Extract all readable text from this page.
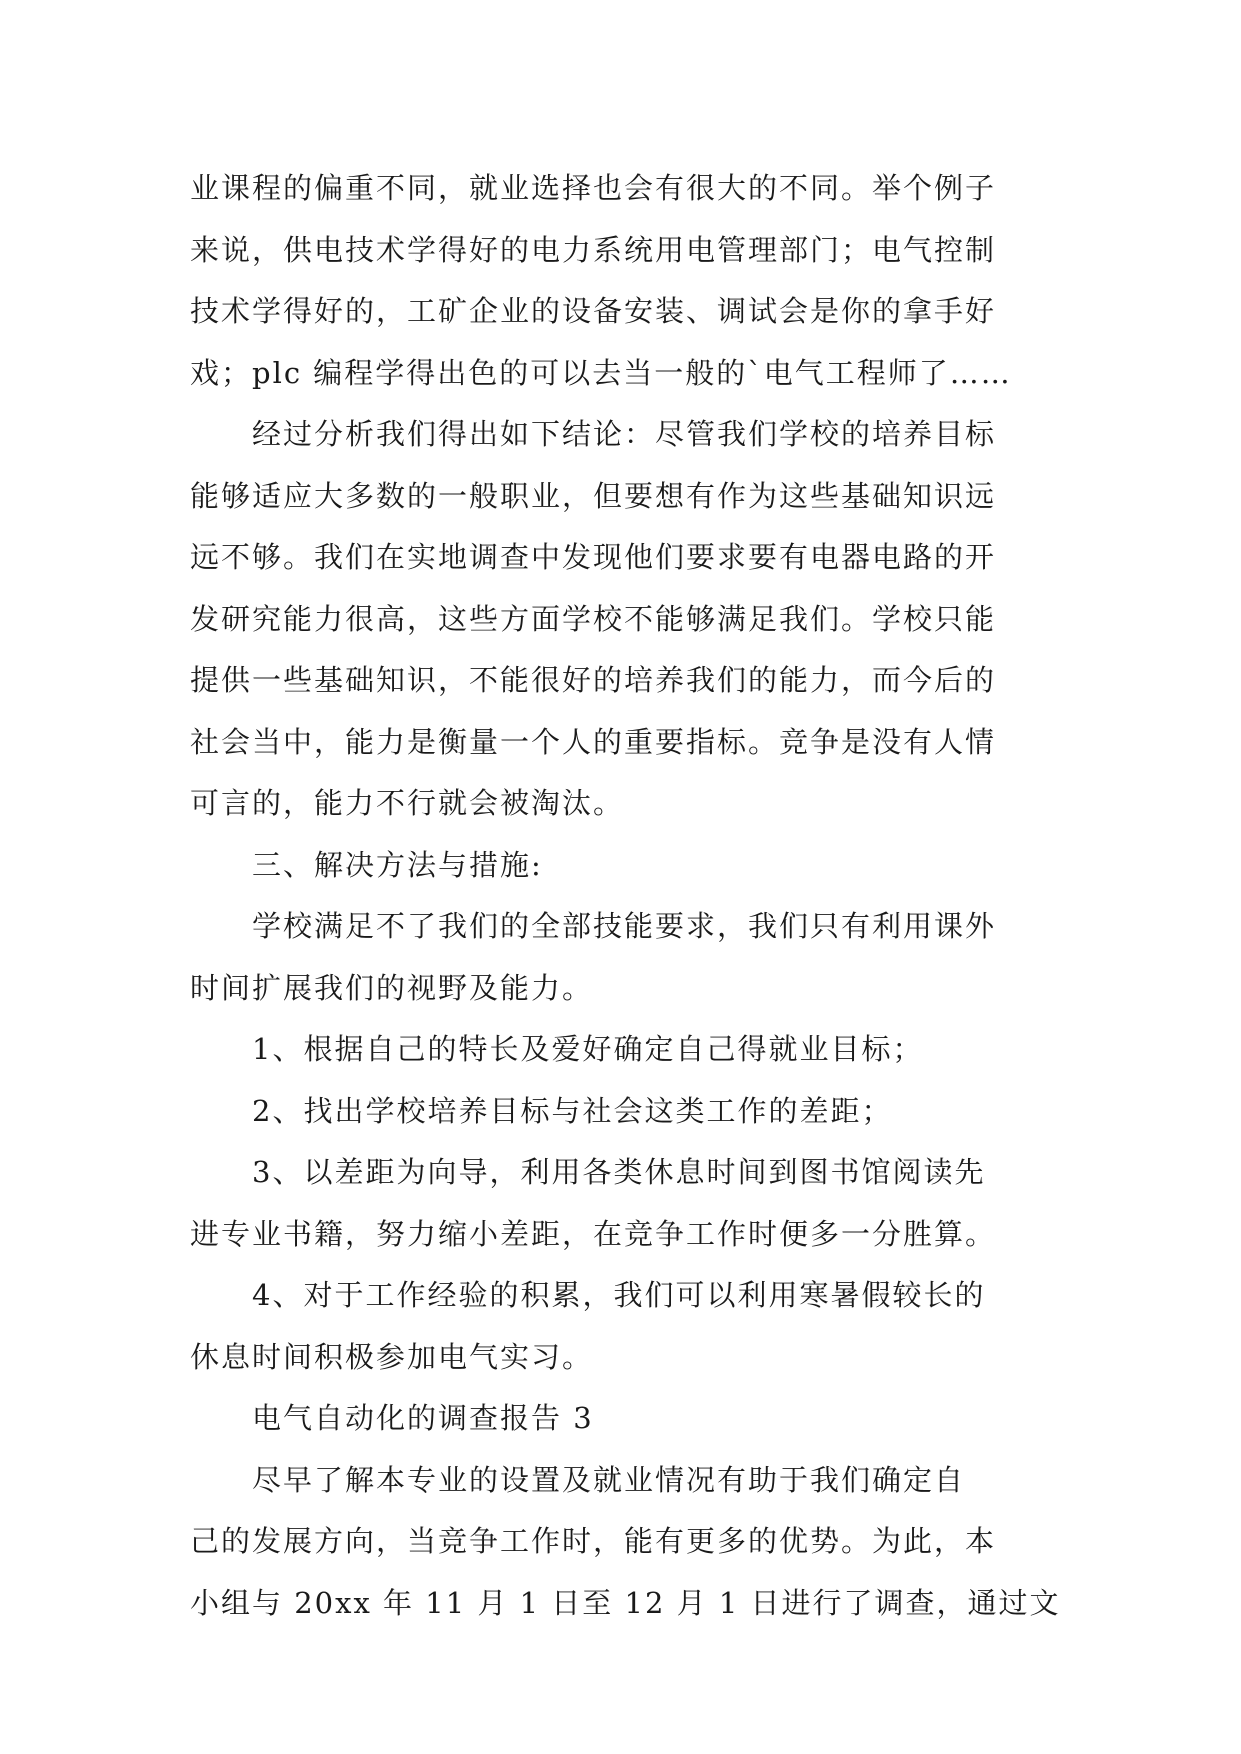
业课程的偏重不同，就业选择也会有很大的不同。举个例子
来说，供电技术学得好的电力系统用电管理部门；电气控制
技术学得好的，工矿企业的设备安装、调试会是你的拿手好
戏；plc 编程学得出色的可以去当一般的`电气工程师了……
经过分析我们得出如下结论：尽管我们学校的培养目标
能够适应大多数的一般职业，但要想有作为这些基础知识远
远不够。我们在实地调查中发现他们要求要有电器电路的开
发研究能力很高，这些方面学校不能够满足我们。学校只能
提供一些基础知识，不能很好的培养我们的能力，而今后的
社会当中，能力是衡量一个人的重要指标。竞争是没有人情
可言的，能力不行就会被淘汰。
三、解决方法与措施:
学校满足不了我们的全部技能要求，我们只有利用课外
时间扩展我们的视野及能力。
1、根据自己的特长及爱好确定自己得就业目标；
2、找出学校培养目标与社会这类工作的差距；
3、以差距为向导，利用各类休息时间到图书馆阅读先
进专业书籍，努力缩小差距，在竞争工作时便多一分胜算。
4、对于工作经验的积累，我们可以利用寒暑假较长的
休息时间积极参加电气实习。
电气自动化的调查报告 3
尽早了解本专业的设置及就业情况有助于我们确定自
己的发展方向，当竞争工作时，能有更多的优势。为此，本
小组与 20xx 年 11 月 1 日至 12 月 1 日进行了调查，通过文
